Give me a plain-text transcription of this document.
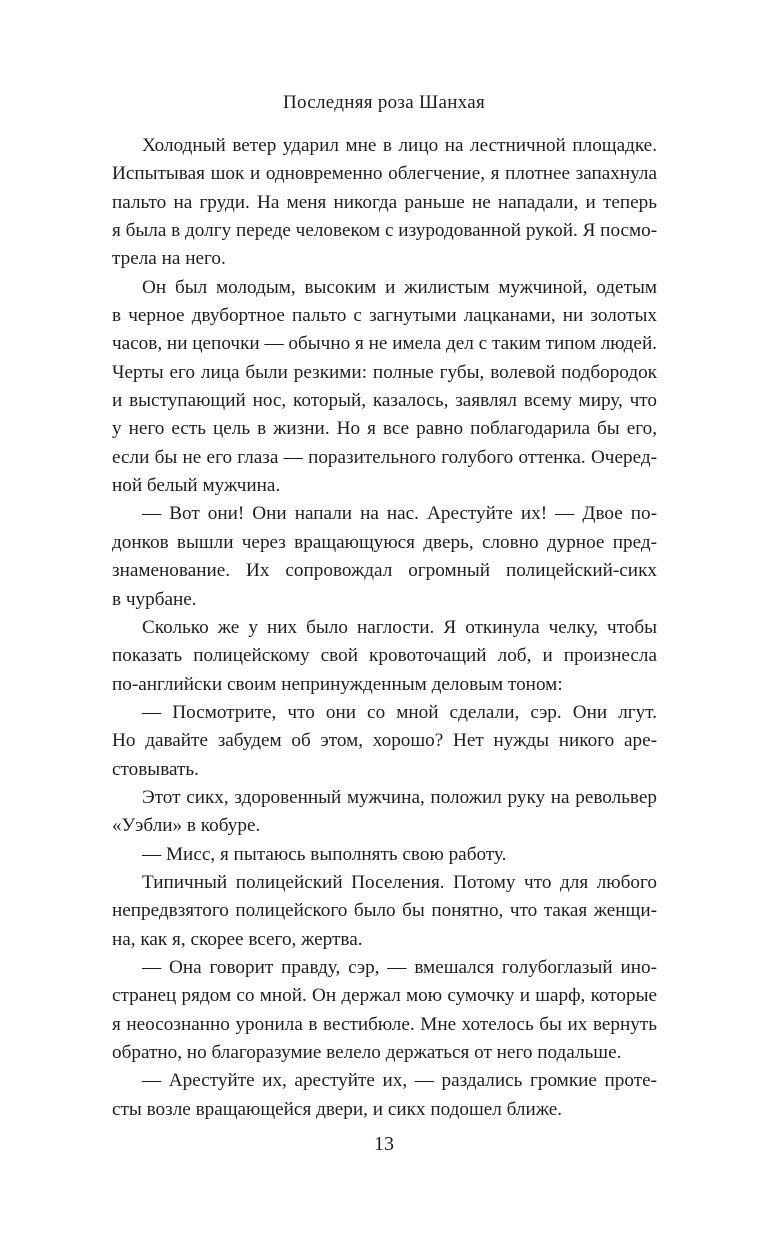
Последняя роза Шанхая
Холодный ветер ударил мне в лицо на лестничной площадке.
Испытывая шок и одновременно облегчение, я плотнее запахнула
пальто на груди. На меня никогда раньше не нападали, и теперь
я была в долгу переде человеком с изуродованной рукой. Я посмо-
трела на него.
Он был молодым, высоким и жилистым мужчиной, одетым
в черное двубортное пальто с загнутыми лацканами, ни золотых
часов, ни цепочки — обычно я не имела дел с таким типом людей.
Черты его лица были резкими: полные губы, волевой подбородок
и выступающий нос, который, казалось, заявлял всему миру, что
у него есть цель в жизни. Но я все равно поблагодарила бы его,
если бы не его глаза — поразительного голубого оттенка. Очеред-
ной белый мужчина.
— Вот они! Они напали на нас. Арестуйте их! — Двое по-
донков вышли через вращающуюся дверь, словно дурное пред-
знаменование. Их сопровождал огромный полицейский-сикх
в чурбане.
Сколько же у них было наглости. Я откинула челку, чтобы
показать полицейскому свой кровоточащий лоб, и произнесла
по-английски своим непринужденным деловым тоном:
— Посмотрите, что они со мной сделали, сэр. Они лгут.
Но давайте забудем об этом, хорошо? Нет нужды никого аре-
стовывать.
Этот сикх, здоровенный мужчина, положил руку на револьвер
«Уэбли» в кобуре.
— Мисс, я пытаюсь выполнять свою работу.
Типичный полицейский Поселения. Потому что для любого
непредвзятого полицейского было бы понятно, что такая женщи-
на, как я, скорее всего, жертва.
— Она говорит правду, сэр, — вмешался голубоглазый ино-
странец рядом со мной. Он держал мою сумочку и шарф, которые
я неосознанно уронила в вестибюле. Мне хотелось бы их вернуть
обратно, но благоразумие велело держаться от него подальше.
— Арестуйте их, арестуйте их, — раздались громкие проте-
сты возле вращающейся двери, и сикх подошел ближе.
13
